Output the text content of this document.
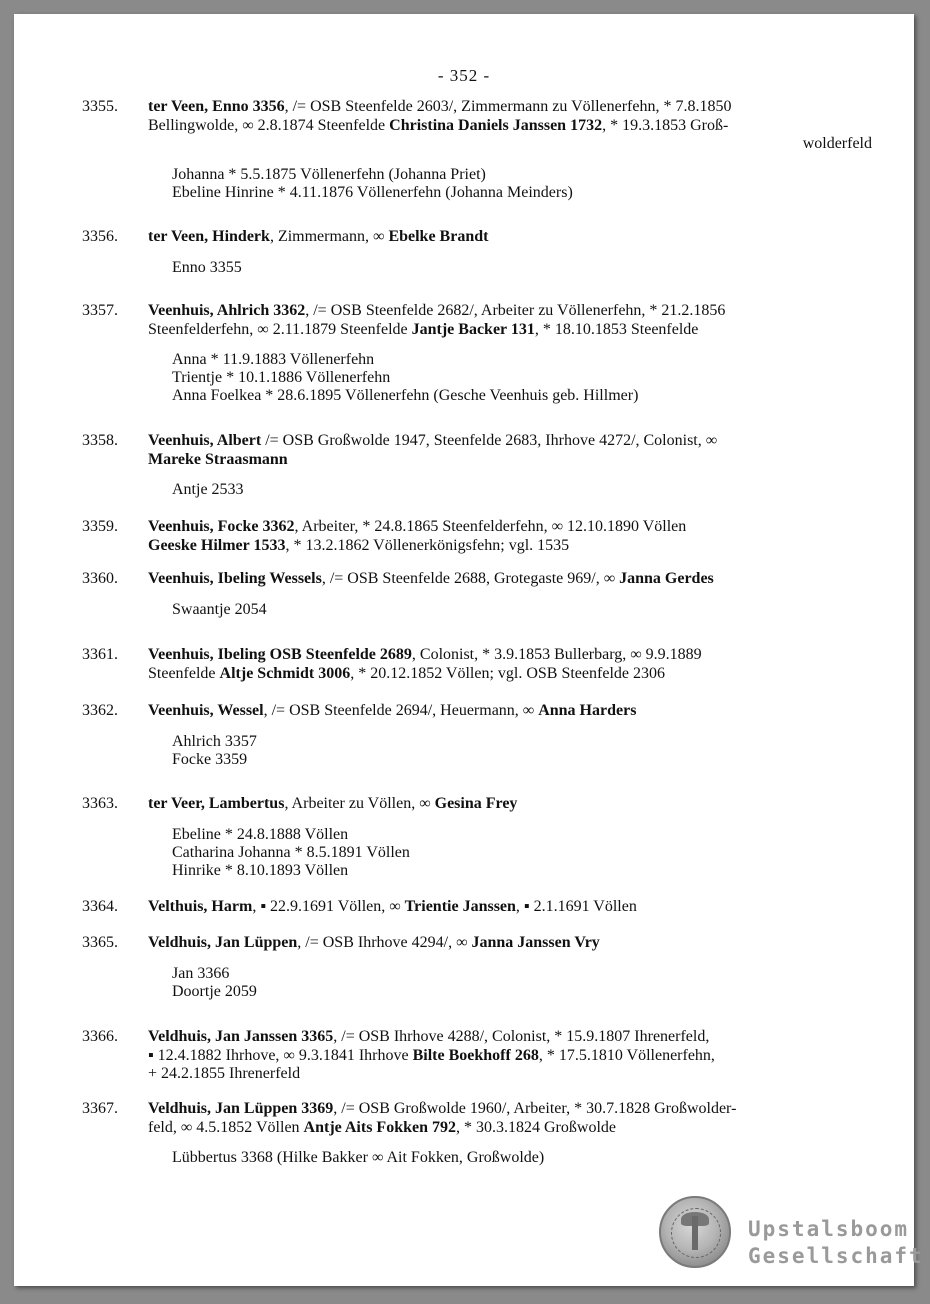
- 352 -
3355.	ter Veen, Enno 3356, /= OSB Steenfelde 2603/, Zimmermann zu Völlenerfehn, * 7.8.1850
Bellingwolde, ∞ 2.8.1874 Steenfelde Christina Daniels Janssen 1732, * 19.3.1853 Groß-
wolderfeld
Johanna * 5.5.1875 Völlenerfehn (Johanna Priet)
Ebeline Hinrine * 4.11.1876 Völlenerfehn (Johanna Meinders)
3356.	ter Veen, Hinderk, Zimmermann, ∞ Ebelke Brandt
Enno 3355
3357.	Veenhuis, Ahlrich 3362, /= OSB Steenfelde 2682/, Arbeiter zu Völlenerfehn, * 21.2.1856
Steenfelderfehn, ∞ 2.11.1879 Steenfelde Jantje Backer 131, * 18.10.1853 Steenfelde
Anna * 11.9.1883 Völlenerfehn
Trientje * 10.1.1886 Völlenerfehn
Anna Foelkea * 28.6.1895 Völlenerfehn (Gesche Veenhuis geb. Hillmer)
3358.	Veenhuis, Albert /= OSB Großwolde 1947, Steenfelde 2683, Ihrhove 4272/, Colonist, ∞
Mareke Straasmann
Antje 2533
3359.	Veenhuis, Focke 3362, Arbeiter, * 24.8.1865 Steenfelderfehn, ∞ 12.10.1890 Völlen
Geeske Hilmer 1533, * 13.2.1862 Völlenerkönigsfehn; vgl. 1535
3360.	Veenhuis, Ibeling Wessels, /= OSB Steenfelde 2688, Grotegaste 969/, ∞ Janna Gerdes
Swaantje 2054
3361.	Veenhuis, Ibeling OSB Steenfelde 2689, Colonist, * 3.9.1853 Bullerbarg, ∞ 9.9.1889
Steenfelde Altje Schmidt 3006, * 20.12.1852 Völlen; vgl. OSB Steenfelde 2306
3362.	Veenhuis, Wessel, /= OSB Steenfelde 2694/, Heuermann, ∞ Anna Harders
Ahlrich 3357
Focke 3359
3363.	ter Veer, Lambertus, Arbeiter zu Völlen, ∞ Gesina Frey
Ebeline * 24.8.1888 Völlen
Catharina Johanna * 8.5.1891 Völlen
Hinrike * 8.10.1893 Völlen
3364.	Velthuis, Harm, ▪ 22.9.1691 Völlen, ∞ Trientie Janssen, ▪ 2.1.1691 Völlen
3365.	Veldhuis, Jan Lüppen, /= OSB Ihrhove 4294/, ∞ Janna Janssen Vry
Jan 3366
Doortje 2059
3366.	Veldhuis, Jan Janssen 3365, /= OSB Ihrhove 4288/, Colonist, * 15.9.1807 Ihrenerfeld,
▪ 12.4.1882 Ihrhove, ∞ 9.3.1841 Ihrhove Bilte Boekhoff 268, * 17.5.1810 Völlenerfehn,
+ 24.2.1855 Ihrenerfeld
3367.	Veldhuis, Jan Lüppen 3369, /= OSB Großwolde 1960/, Arbeiter, * 30.7.1828 Großwolder-
feld, ∞ 4.5.1852 Völlen Antje Aits Fokken 792, * 30.3.1824 Großwolde
Lübbertus 3368 (Hilke Bakker ∞ Ait Fokken, Großwolde)
Upstalsboom
Gesellschaft
